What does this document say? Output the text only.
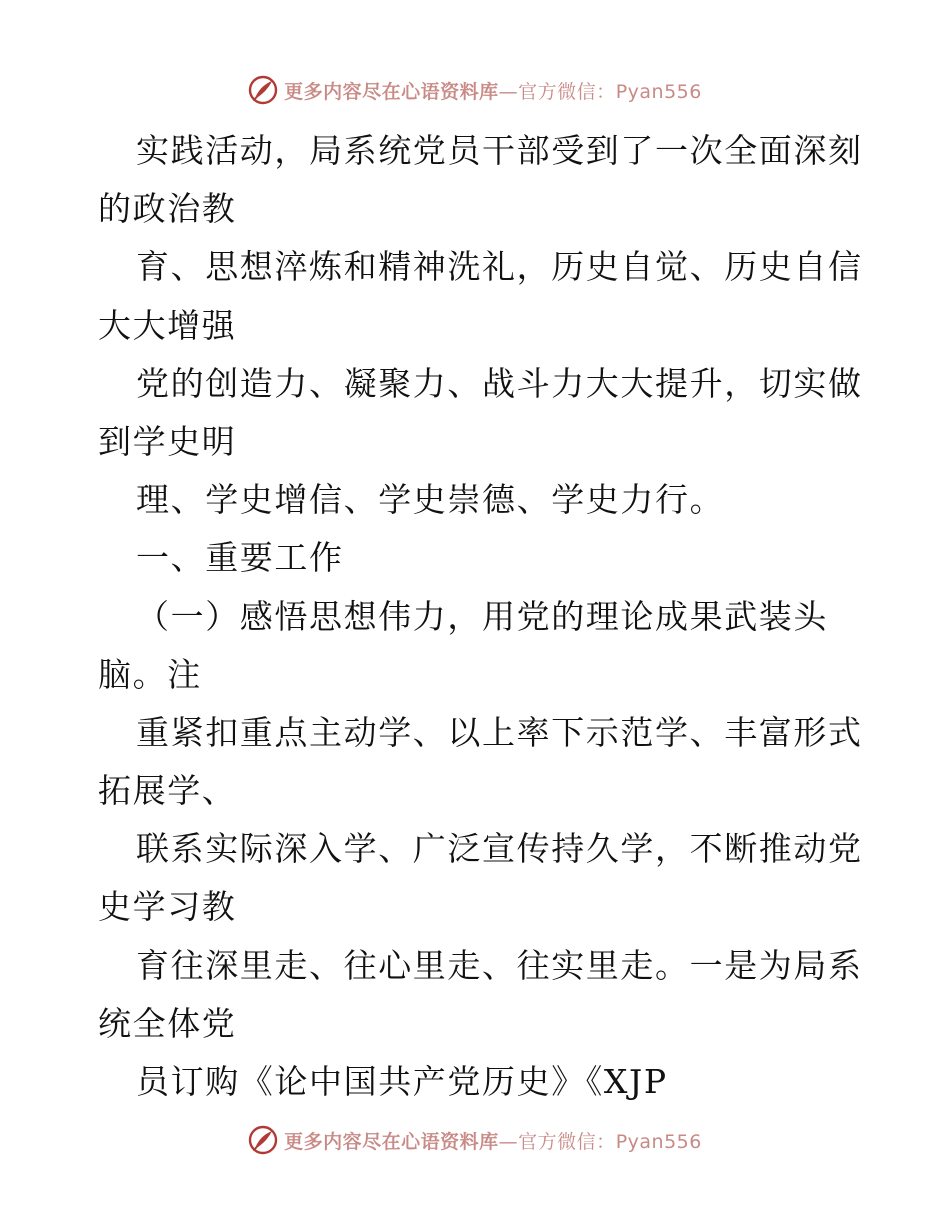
更多内容尽在心语资料库—官方微信：Pyan556
实践活动，局系统党员干部受到了一次全面深刻
的政治教
育、思想淬炼和精神洗礼，历史自觉、历史自信
大大增强
党的创造力、凝聚力、战斗力大大提升，切实做
到学史明
理、学史增信、学史崇德、学史力行。
一、重要工作
（一）感悟思想伟力，用党的理论成果武装头
脑。注
重紧扣重点主动学、以上率下示范学、丰富形式
拓展学、
联系实际深入学、广泛宣传持久学，不断推动党
史学习教
育往深里走、往心里走、往实里走。一是为局系
统全体党
员订购《论中国共产党历史》《XJP
更多内容尽在心语资料库—官方微信：Pyan556
